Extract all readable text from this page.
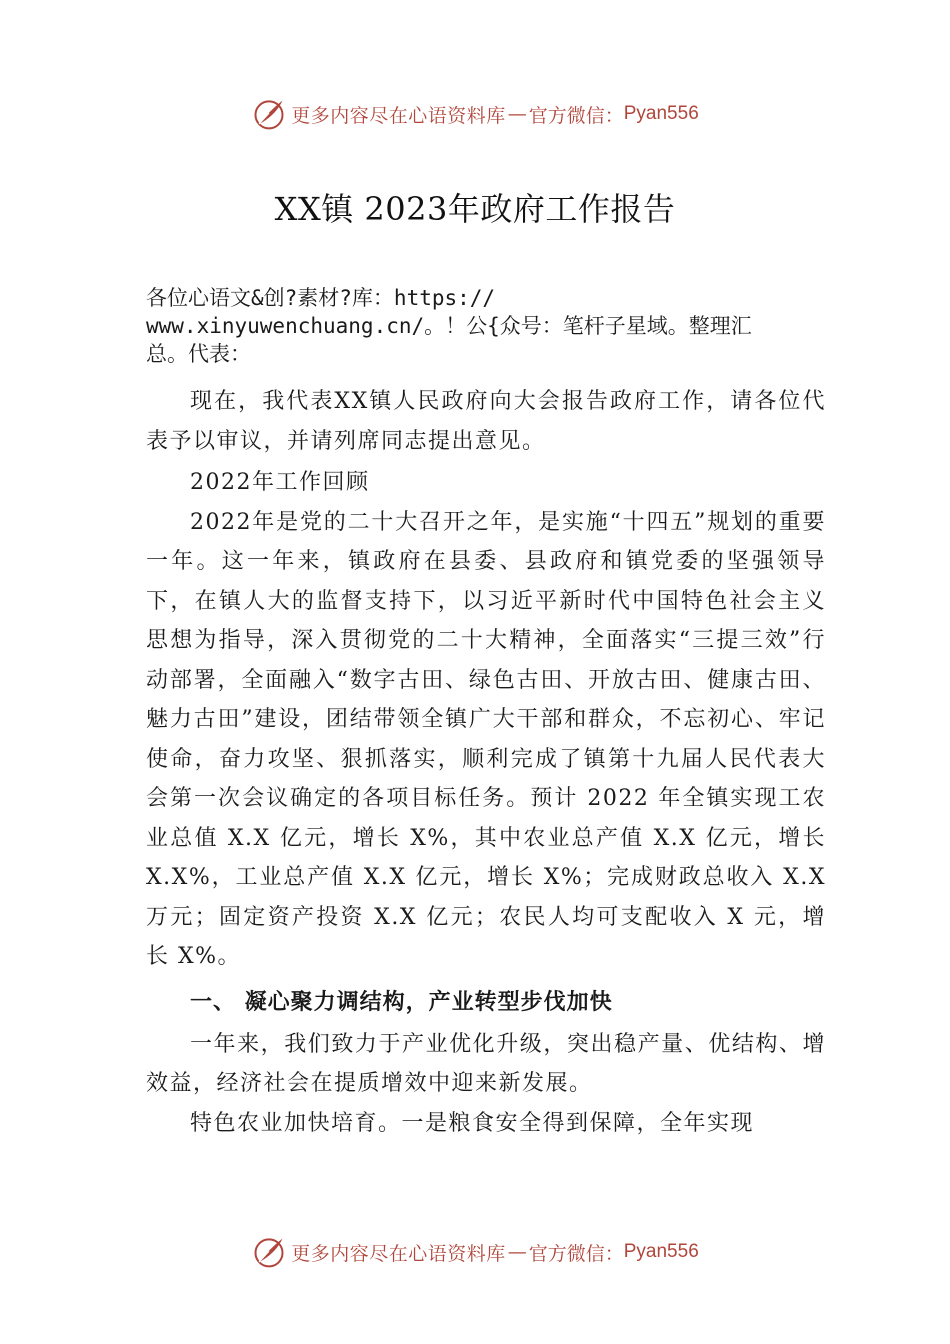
更多内容尽在心语资料库 — 官方微信： Pyan556
XX镇 2023年政府工作报告

各位心语文&创?素材?库：https://
www.xinyuwenchuang.cn/。！公{众号：笔杆子星域。整理汇
总。代表：

现在，我代表XX镇人民政府向大会报告政府工作，请各位代表予以审议，并请列席同志提出意见。

2022年工作回顾

2022年是党的二十大召开之年，是实施“十四五”规划的重要一年。这一年来，镇政府在县委、县政府和镇党委的坚强领导下，在镇人大的监督支持下，以习近平新时代中国特色社会主义思想为指导，深入贯彻党的二十大精神，全面落实“三提三效”行动部署，全面融入“数字古田、绿色古田、开放古田、健康古田、魅力古田”建设，团结带领全镇广大干部和群众，不忘初心、牢记使命，奋力攻坚、狠抓落实，顺利完成了镇第十九届人民代表大会第一次会议确定的各项目标任务。预计 2022 年全镇实现工农业总值 X.X 亿元，增长 X%，其中农业总产值 X.X 亿元，增长 X.X%，工业总产值 X.X 亿元，增长 X%；完成财政总收入 X.X 万元；固定资产投资 X.X 亿元；农民人均可支配收入 X 元，增长 X%。

一、 凝心聚力调结构，产业转型步伐加快

一年来，我们致力于产业优化升级，突出稳产量、优结构、增效益，经济社会在提质增效中迎来新发展。

特色农业加快培育。一是粮食安全得到保障，全年实现

更多内容尽在心语资料库 — 官方微信： Pyan556
